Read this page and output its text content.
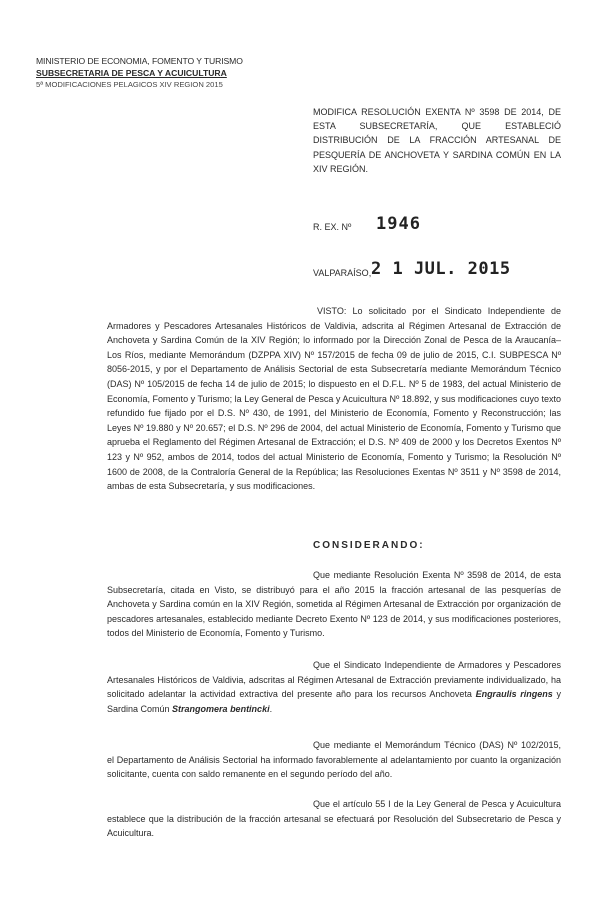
MINISTERIO DE ECONOMIA, FOMENTO Y TURISMO
SUBSECRETARIA DE PESCA Y ACUICULTURA
5ª MODIFICACIONES PELAGICOS XIV REGION 2015
MODIFICA RESOLUCIÓN EXENTA Nº 3598 DE 2014, DE ESTA SUBSECRETARÍA, QUE ESTABLECIÓ DISTRIBUCIÓN DE LA FRACCIÓN ARTESANAL DE PESQUERÍA DE ANCHOVETA Y SARDINA COMÚN EN LA XIV REGIÓN.
R. EX. Nº 1946
VALPARAÍSO, 2 1 JUL. 2015
VISTO: Lo solicitado por el Sindicato Independiente de Armadores y Pescadores Artesanales Históricos de Valdivia, adscrita al Régimen Artesanal de Extracción de Anchoveta y Sardina Común de la XIV Región; lo informado por la Dirección Zonal de Pesca de la Araucanía– Los Ríos, mediante Memorándum (DZPPA XIV) Nº 157/2015 de fecha 09 de julio de 2015, C.I. SUBPESCA Nº 8056-2015, y por el Departamento de Análisis Sectorial de esta Subsecretaría mediante Memorándum Técnico (DAS) Nº 105/2015 de fecha 14 de julio de 2015; lo dispuesto en el D.F.L. Nº 5 de 1983, del actual Ministerio de Economía, Fomento y Turismo; la Ley General de Pesca y Acuicultura Nº 18.892, y sus modificaciones cuyo texto refundido fue fijado por el D.S. Nº 430, de 1991, del Ministerio de Economía, Fomento y Reconstrucción; las Leyes Nº 19.880 y Nº 20.657; el D.S. Nº 296 de 2004, del actual Ministerio de Economía, Fomento y Turismo que aprueba el Reglamento del Régimen Artesanal de Extracción; el D.S. Nº 409 de 2000 y los Decretos Exentos Nº 123 y Nº 952, ambos de 2014, todos del actual Ministerio de Economía, Fomento y Turismo; la Resolución Nº 1600 de 2008, de la Contraloría General de la República; las Resoluciones Exentas Nº 3511 y Nº 3598 de 2014, ambas de esta Subsecretaría, y sus modificaciones.
CONSIDERANDO:
Que mediante Resolución Exenta Nº 3598 de 2014, de esta Subsecretaría, citada en Visto, se distribuyó para el año 2015 la fracción artesanal de las pesquerías de Anchoveta y Sardina común en la XIV Región, sometida al Régimen Artesanal de Extracción por organización de pescadores artesanales, establecido mediante Decreto Exento Nº 123 de 2014, y sus modificaciones posteriores, todos del Ministerio de Economía, Fomento y Turismo.
Que el Sindicato Independiente de Armadores y Pescadores Artesanales Históricos de Valdivia, adscritas al Régimen Artesanal de Extracción previamente individualizado, ha solicitado adelantar la actividad extractiva del presente año para los recursos Anchoveta Engraulis ringens y Sardina Común Strangomera bentincki.
Que mediante el Memorándum Técnico (DAS) Nº 102/2015, el Departamento de Análisis Sectorial ha informado favorablemente al adelantamiento por cuanto la organización solicitante, cuenta con saldo remanente en el segundo período del año.
Que el artículo 55 I de la Ley General de Pesca y Acuicultura establece que la distribución de la fracción artesanal se efectuará por Resolución del Subsecretario de Pesca y Acuicultura.
